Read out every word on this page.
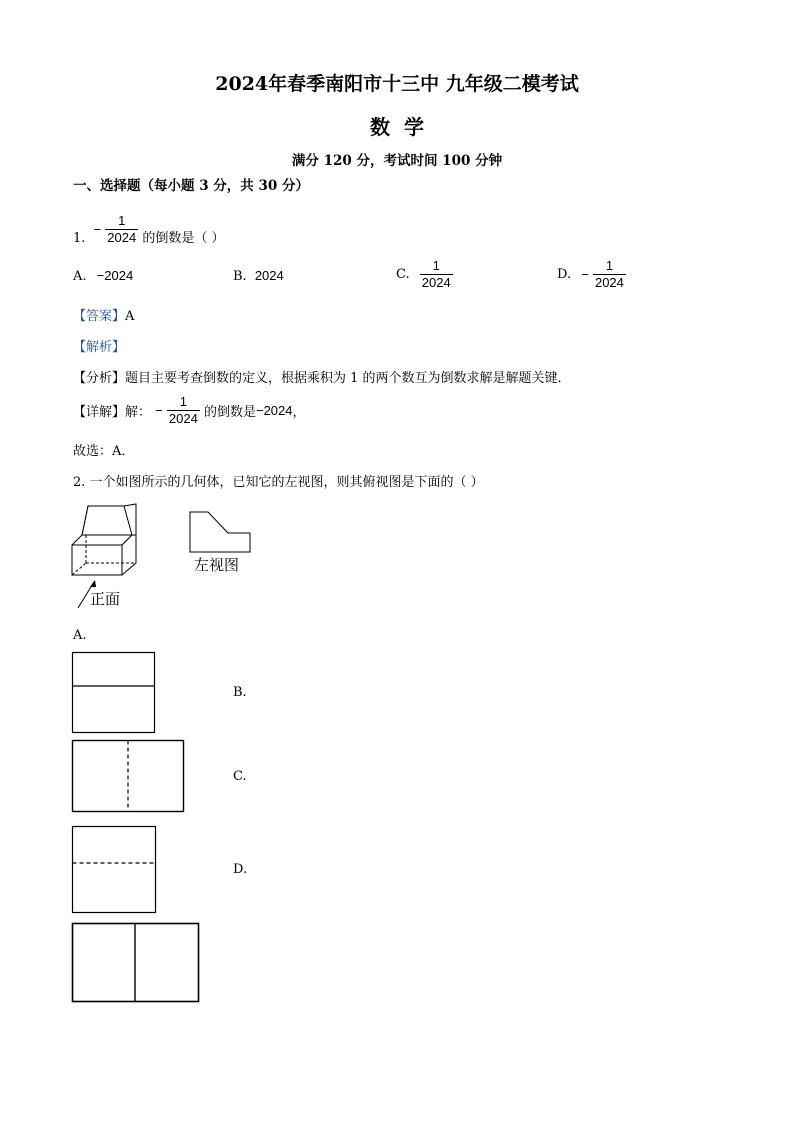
2024年春季南阳市十三中 九年级二模考试
数学
满分 120 分，考试时间 100 分钟
一、选择题（每小题 3 分，共 30 分）
1. − $\frac{1}{2024}$ 的倒数是（ ）
A. −2024	B. 2024	C. $\frac{1}{2024}$	D. − $\frac{1}{2024}$
【答案】A
【解析】
【分析】题目主要考查倒数的定义，根据乘积为 1 的两个数互为倒数求解是解题关键．
【详解】解： − $\frac{1}{2024}$ 的倒数是−2024，
故选：A．
2. 一个如图所示的几何体，已知它的左视图，则其俯视图是下面的（ ）
正面
左视图
A.
B.
C.
D.
